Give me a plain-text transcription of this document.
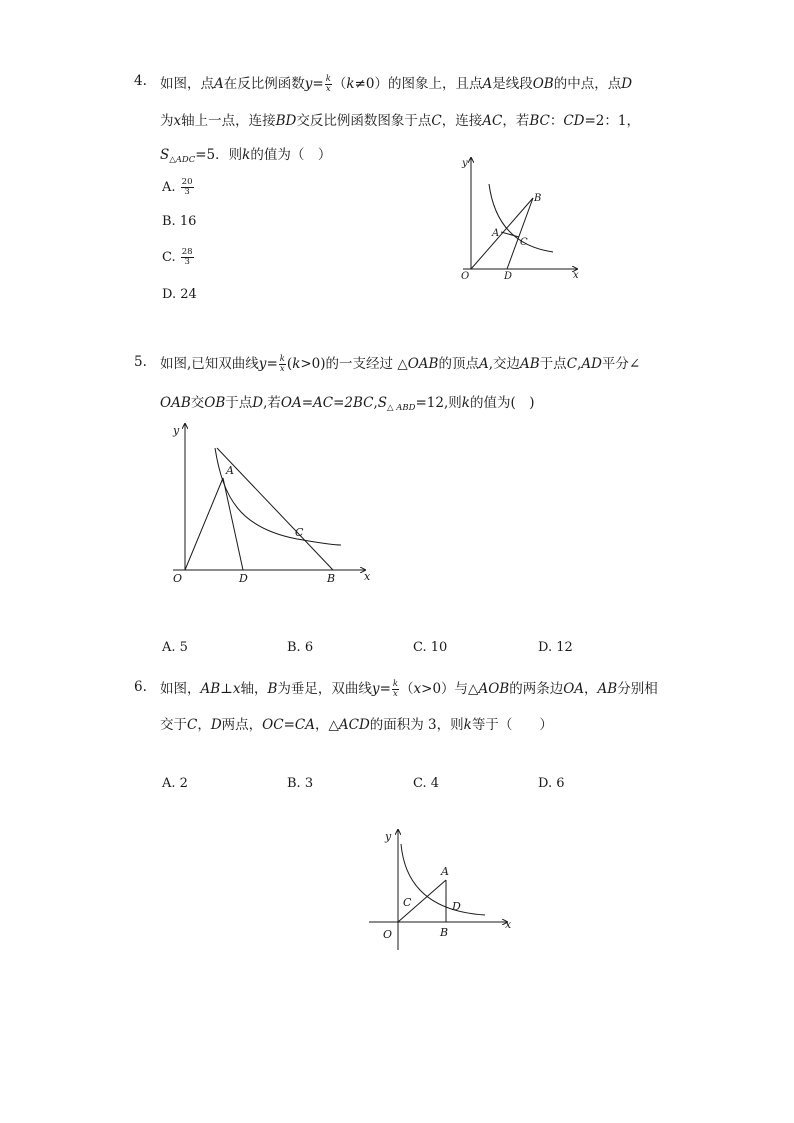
4. 如图，点A在反比例函数$y= \frac{k}{x} (k\ne 0)$的图象上，且点A是线段OB的中点，点D
为x轴上一点，连接BD交反比例函数图象于点C，连接AC，若BC：CD=2：1，
$S_{\triangle ADC}=5$．则k的值为（　）
A. $\frac{20}{3}$
B. 16
C. $\frac{28}{3}$
D. 24
y
x
O
A
B
C
D
5. 如图,已知双曲线$y= \frac{k}{x} (k>0)$的一支经过 △OAB的顶点A,交边AB于点C,AD平分∠
OAB交OB于点D,若$OA=AC=2BC,S_{\triangle ABD}=12$,则k的值为(　)
y
x
O
A
B
C
D
A. 5	B. 6	C. 10	D. 12
6. 如图，AB⊥x轴，B为垂足，双曲线$y= \frac{k}{x} (x>0)$与△AOB的两条边OA，AB分别相
交于C，D两点，OC=CA，△ACD的面积为 3，则k等于（　　）
A. 2	B. 3	C. 4	D. 6
y
x
O
A
B
C	D
